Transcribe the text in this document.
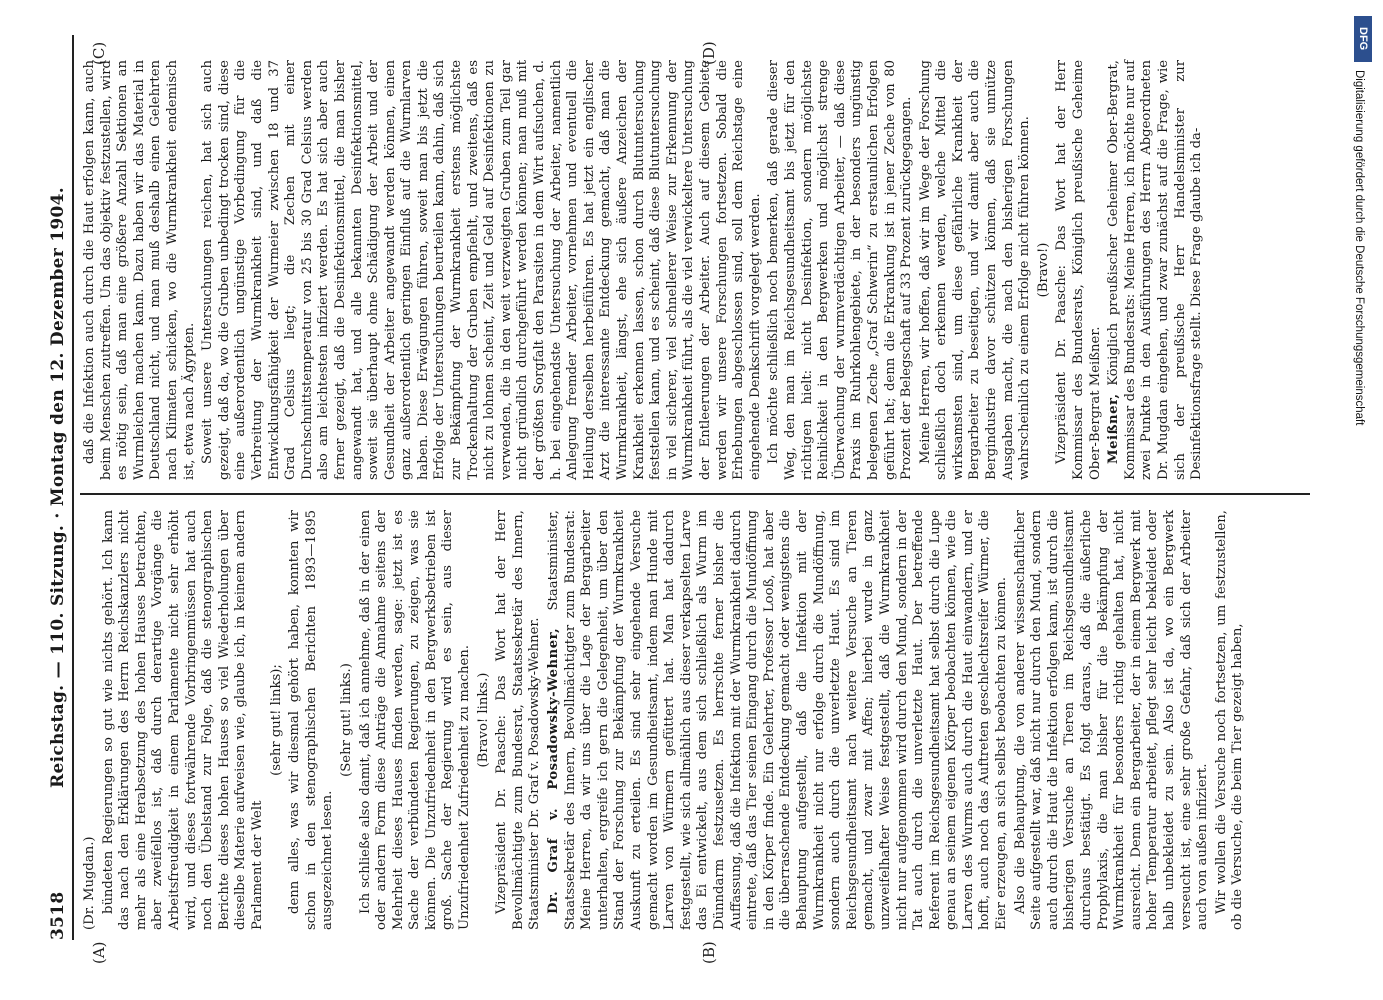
3518
Reichstag. — 110. Sitzung. · Montag den 12. Dezember 1904.
(A)	(B)
(C)	(D)

(Dr. Mugdan.) bündeten Regierungen so gut wie nichts gehört. Ich kann das nach den Erklärungen des Herrn Reichskanzlers nicht mehr als eine Herabsetzung des hohen Hauses betrachten, aber zweifellos ist, daß durch derartige Vorgänge die Arbeitsfreudigkeit in einem Parlamente nicht sehr erhöht wird, und dieses fortwährende Vorbringenmüssen hat auch noch den Übelstand zur Folge, daß die stenographischen Berichte dieses hohen Hauses so viel Wiederholungen über dieselbe Materie aufweisen wie, glaube ich, in keinem andern Parlament der Welt

(sehr gut! links); denn alles, was wir diesmal gehört haben, konnten wir schon in den stenographischen Berichten 1893—1895 ausgezeichnet lesen.

(Sehr gut! links.) Ich schließe also damit, daß ich annehme, daß in der einen oder andern Form diese Anträge die Annahme seitens der Mehrheit dieses Hauses finden werden, sage: jetzt ist es Sache der verbündeten Regierungen, zu zeigen, was sie können. Die Unzufriedenheit in den Bergwerksbetrieben ist groß. Sache der Regierung wird es sein, aus dieser Unzufriedenheit Zufriedenheit zu machen. (Bravo! links.) Vizepräsident Dr. Paasche: Das Wort hat der Herr Bevollmächtigte zum Bundesrat, Staatssekretär des Innern, Staatsminister Dr. Graf v. Posadowsky-Wehner. Dr. Graf v. Posadowsky-Wehner, Staatsminister, Staatssekretär des Innern, Bevollmächtigter zum Bundesrat: Meine Herren, da wir uns über die Lage der Bergarbeiter unterhalten, ergreife ich gern die Gelegenheit, um über den Stand der Forschung zur Bekämpfung der Wurmkrankheit Auskunft zu erteilen. Es sind sehr eingehende Versuche gemacht worden im Gesundheitsamt, indem man Hunde mit Larven von Würmern gefüttert hat. Man hat dadurch festgestellt, wie sich allmählich aus dieser verkapselten Larve das Ei entwickelt, aus dem sich schließlich als Wurm im Dünndarm festzusetzen. Es herrschte ferner bisher die Auffassung, daß die Infektion mit der Wurmkrankheit dadurch eintrete, daß das Tier seinen Eingang durch die Mundöffnung in den Körper finde. Ein Gelehrter, Professor Looß, hat aber die überraschende Entdeckung gemacht oder wenigstens die Behauptung aufgestellt, daß die Infektion mit der Wurmkrankheit nicht nur erfolge durch die Mundöffnung, sondern auch durch die unverletzte Haut. Es sind im Reichsgesundheitsamt nach weitere Versuche an Tieren gemacht, und zwar mit Affen; hierbei wurde in ganz unzweifelhafter Weise festgestellt, daß die Wurmkrankheit nicht nur aufgenommen wird durch den Mund, sondern in der Tat auch durch die unverletzte Haut. Der betreffende Referent im Reichsgesundheitsamt hat selbst durch die Lupe genau an seinem eigenen Körper beobachten können, wie die Larven des Wurms auch durch die Haut einwandern, und er hofft, auch noch das Auftreten geschlechtsreifer Würmer, die Eier erzeugen, an sich selbst beobachten zu können. Also die Behauptung, die von anderer wissenschaftlicher Seite aufgestellt war, daß nicht nur durch den Mund, sondern auch durch die Haut die Infektion erfolgen kann, ist durch die bisherigen Versuche an Tieren im Reichsgesundheitsamt durchaus bestätigt. Es folgt daraus, daß die äußerliche Prophylaxis, die man bisher für die Bekämpfung der Wurmkrankheit für besonders richtig gehalten hat, nicht ausreicht. Denn ein Bergarbeiter, der in einem Bergwerk mit hoher Temperatur arbeitet, pflegt sehr leicht bekleidet oder halb unbekleidet zu sein. Also ist da, wo ein Bergwerk verseucht ist, eine sehr große Gefahr, daß sich der Arbeiter auch von außen infiziert. Wir wollen die Versuche noch fortsetzen, um festzustellen, ob die Versuche, die beim Tier gezeigt haben,

daß die Infektion auch durch die Haut erfolgen kann, auch beim Menschen zutreffen. Um das objektiv festzustellen, wird es nötig sein, daß man eine größere Anzahl Sektionen an Wurmleichen machen kann. Dazu haben wir das Material in Deutschland nicht, und man muß deshalb einen Gelehrten nach Klimaten schicken, wo die Wurmkrankheit endemisch ist, etwa nach Ägypten. Soweit unsere Untersuchungen reichen, hat sich auch gezeigt, daß da, wo die Gruben unbedingt trocken sind, diese eine außerordentlich ungünstige Vorbedingung für die Verbreitung der Wurmkrankheit sind, und daß die Entwicklungsfähigkeit der Wurmeier zwischen 18 und 37 Grad Celsius liegt; die Zechen mit einer Durchschnittstemperatur von 25 bis 30 Grad Celsius werden also am leichtesten infiziert werden. Es hat sich aber auch ferner gezeigt, daß die Desinfektionsmittel, die man bisher angewandt hat, und alle bekannten Desinfektionsmittel, soweit sie überhaupt ohne Schädigung der Arbeit und der Gesundheit der Arbeiter angewandt werden können, einen ganz außerordentlich geringen Einfluß auf die Wurmlarven haben. Diese Erwägungen führen, soweit man bis jetzt die Erfolge der Untersuchungen beurteilen kann, dahin, daß sich zur Bekämpfung der Wurmkrankheit erstens möglichste Trockenhaltung der Gruben empfiehlt, und zweitens, daß es nicht zu lohnen scheint, Zeit und Geld auf Desinfektionen zu verwenden, die in den weit verzweigten Gruben zum Teil gar nicht gründlich durchgeführt werden können; man muß mit der größten Sorgfalt den Parasiten in dem Wirt aufsuchen, d. h. bei eingehendste Untersuchung der Arbeiter, namentlich Anlegung fremder Arbeiter, vornehmen und eventuell die Heilung derselben herbeiführen. Es hat jetzt ein englischer Arzt die interessante Entdeckung gemacht, daß man die Wurmkrankheit, längst, ehe sich äußere Anzeichen der Krankheit erkennen lassen, schon durch Blutuntersuchung feststellen kann, und es scheint, daß diese Blutuntersuchung in viel sicherer, viel schnellerer Weise zur Erkennung der Wurmkrankheit führt, als die viel verwickeltere Untersuchung der Entleerungen der Arbeiter. Auch auf diesem Gebiete werden wir unsere Forschungen fortsetzen. Sobald die Erhebungen abgeschlossen sind, soll dem Reichstage eine eingehende Denkschrift vorgelegt werden. Ich möchte schließlich noch bemerken, daß gerade dieser Weg, den man im Reichsgesundheitsamt bis jetzt für den richtigen hielt: nicht Desinfektion, sondern möglichste Reinlichkeit in den Bergwerken und möglichst strenge Überwachung der wurmverdächtigen Arbeiter, — daß diese Praxis im Ruhrkohlengebiete, in der besonders ungünstig belegenen Zeche „Graf Schwerin“ zu erstaunlichen Erfolgen geführt hat; denn die Erkrankung ist in jener Zeche von 80 Prozent der Belegschaft auf 33 Prozent zurückgegangen. Meine Herren, wir hoffen, daß wir im Wege der Forschung schließlich doch erkennen werden, welche Mittel die wirksamsten sind, um diese gefährliche Krankheit der Bergarbeiter zu beseitigen, und wir damit aber auch die Bergindustrie davor schützen können, daß sie unnütze Ausgaben macht, die nach den bisherigen Forschungen wahrscheinlich zu einem Erfolge nicht führen können. (Bravo!) Vizepräsident Dr. Paasche: Das Wort hat der Herr Kommissar des Bundesrats, Königlich preußische Geheime Ober-Bergrat Meißner. Meißner, Königlich preußischer Geheimer Ober-Bergrat, Kommissar des Bundesrats: Meine Herren, ich möchte nur auf zwei Punkte in den Ausführungen des Herrn Abgeordneten Dr. Mugdan eingehen, und zwar zunächst auf die Frage, wie sich der preußische Herr Handelsminister zur Desinfektionsfrage stellt. Diese Frage glaube ich da-

DFG
Digitalisierung gefördert durch die Deutsche Forschungsgemeinschaft
